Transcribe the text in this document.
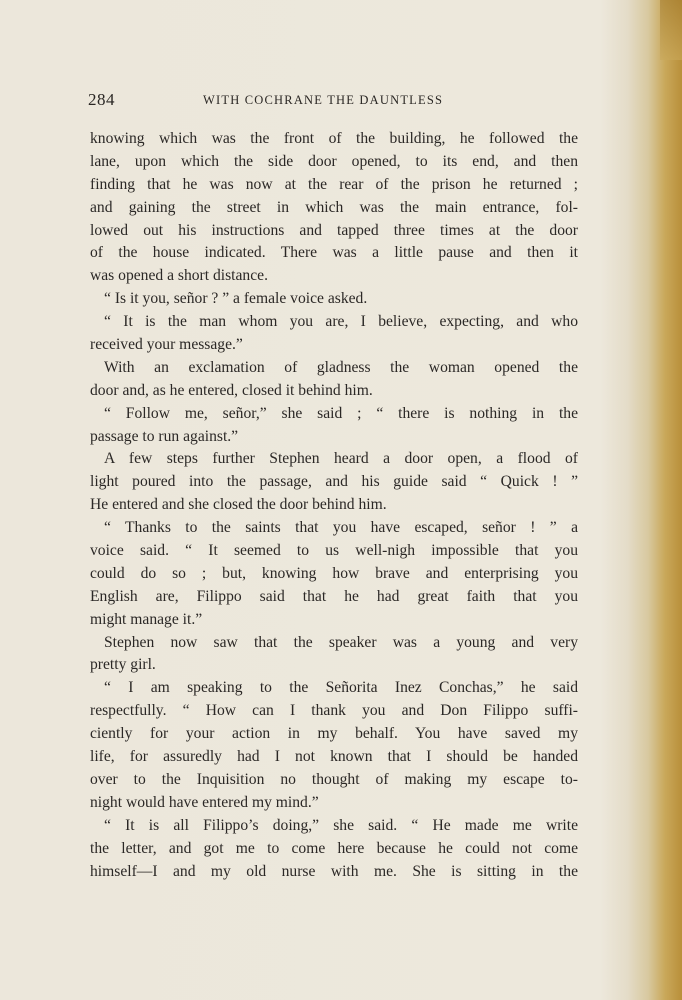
284	WITH COCHRANE THE DAUNTLESS
knowing which was the front of the building, he followed the
lane, upon which the side door opened, to its end, and then
finding that he was now at the rear of the prison he returned ;
and gaining the street in which was the main entrance, fol-
lowed out his instructions and tapped three times at the door
of the house indicated. There was a little pause and then it
was opened a short distance.
“ Is it you, señor ? ” a female voice asked.
“ It is the man whom you are, I believe, expecting, and who
received your message.”
With an exclamation of gladness the woman opened the
door and, as he entered, closed it behind him.
“ Follow me, señor,” she said ; “ there is nothing in the
passage to run against.”
A few steps further Stephen heard a door open, a flood of
light poured into the passage, and his guide said “ Quick ! ”
He entered and she closed the door behind him.
“ Thanks to the saints that you have escaped, señor ! ” a
voice said. “ It seemed to us well-nigh impossible that you
could do so ; but, knowing how brave and enterprising you
English are, Filippo said that he had great faith that you
might manage it.”
Stephen now saw that the speaker was a young and very
pretty girl.
“ I am speaking to the Señorita Inez Conchas,” he said
respectfully. “ How can I thank you and Don Filippo suffi-
ciently for your action in my behalf. You have saved my
life, for assuredly had I not known that I should be handed
over to the Inquisition no thought of making my escape to-
night would have entered my mind.”
“ It is all Filippo’s doing,” she said. “ He made me write
the letter, and got me to come here because he could not come
himself—I and my old nurse with me. She is sitting in the
